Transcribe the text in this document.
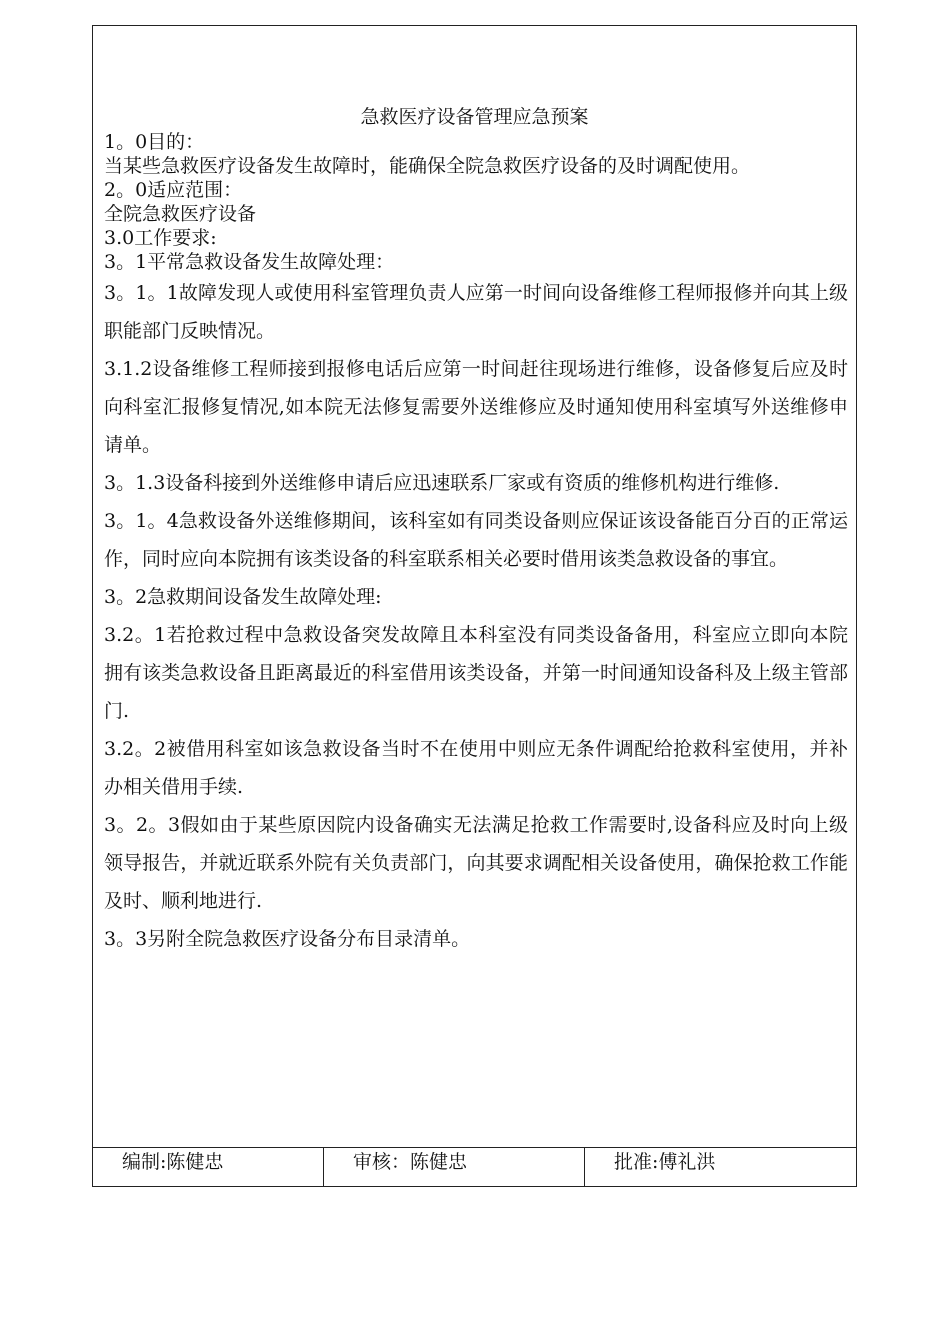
急救医疗设备管理应急预案

1。0目的：

当某些急救医疗设备发生故障时，能确保全院急救医疗设备的及时调配使用。

2。0适应范围：

全院急救医疗设备

3.0工作要求:

3。1平常急救设备发生故障处理：

3。1。1故障发现人或使用科室管理负责人应第一时间向设备维修工程师报修并向其上级职能部门反映情况。

3.1.2设备维修工程师接到报修电话后应第一时间赶往现场进行维修，设备修复后应及时向科室汇报修复情况,如本院无法修复需要外送维修应及时通知使用科室填写外送维修申请单。

3。1.3设备科接到外送维修申请后应迅速联系厂家或有资质的维修机构进行维修.

3。1。4急救设备外送维修期间，该科室如有同类设备则应保证该设备能百分百的正常运作，同时应向本院拥有该类设备的科室联系相关必要时借用该类急救设备的事宜。

3。2急救期间设备发生故障处理:

3.2。1若抢救过程中急救设备突发故障且本科室没有同类设备备用，科室应立即向本院拥有该类急救设备且距离最近的科室借用该类设备，并第一时间通知设备科及上级主管部门.

3.2。2被借用科室如该急救设备当时不在使用中则应无条件调配给抢救科室使用，并补办相关借用手续.

3。2。3假如由于某些原因院内设备确实无法满足抢救工作需要时,设备科应及时向上级领导报告，并就近联系外院有关负责部门，向其要求调配相关设备使用，确保抢救工作能及时、顺利地进行.

3。3另附全院急救医疗设备分布目录清单。

编制:陈健忠	审核：陈健忠	批准:傅礼洪
